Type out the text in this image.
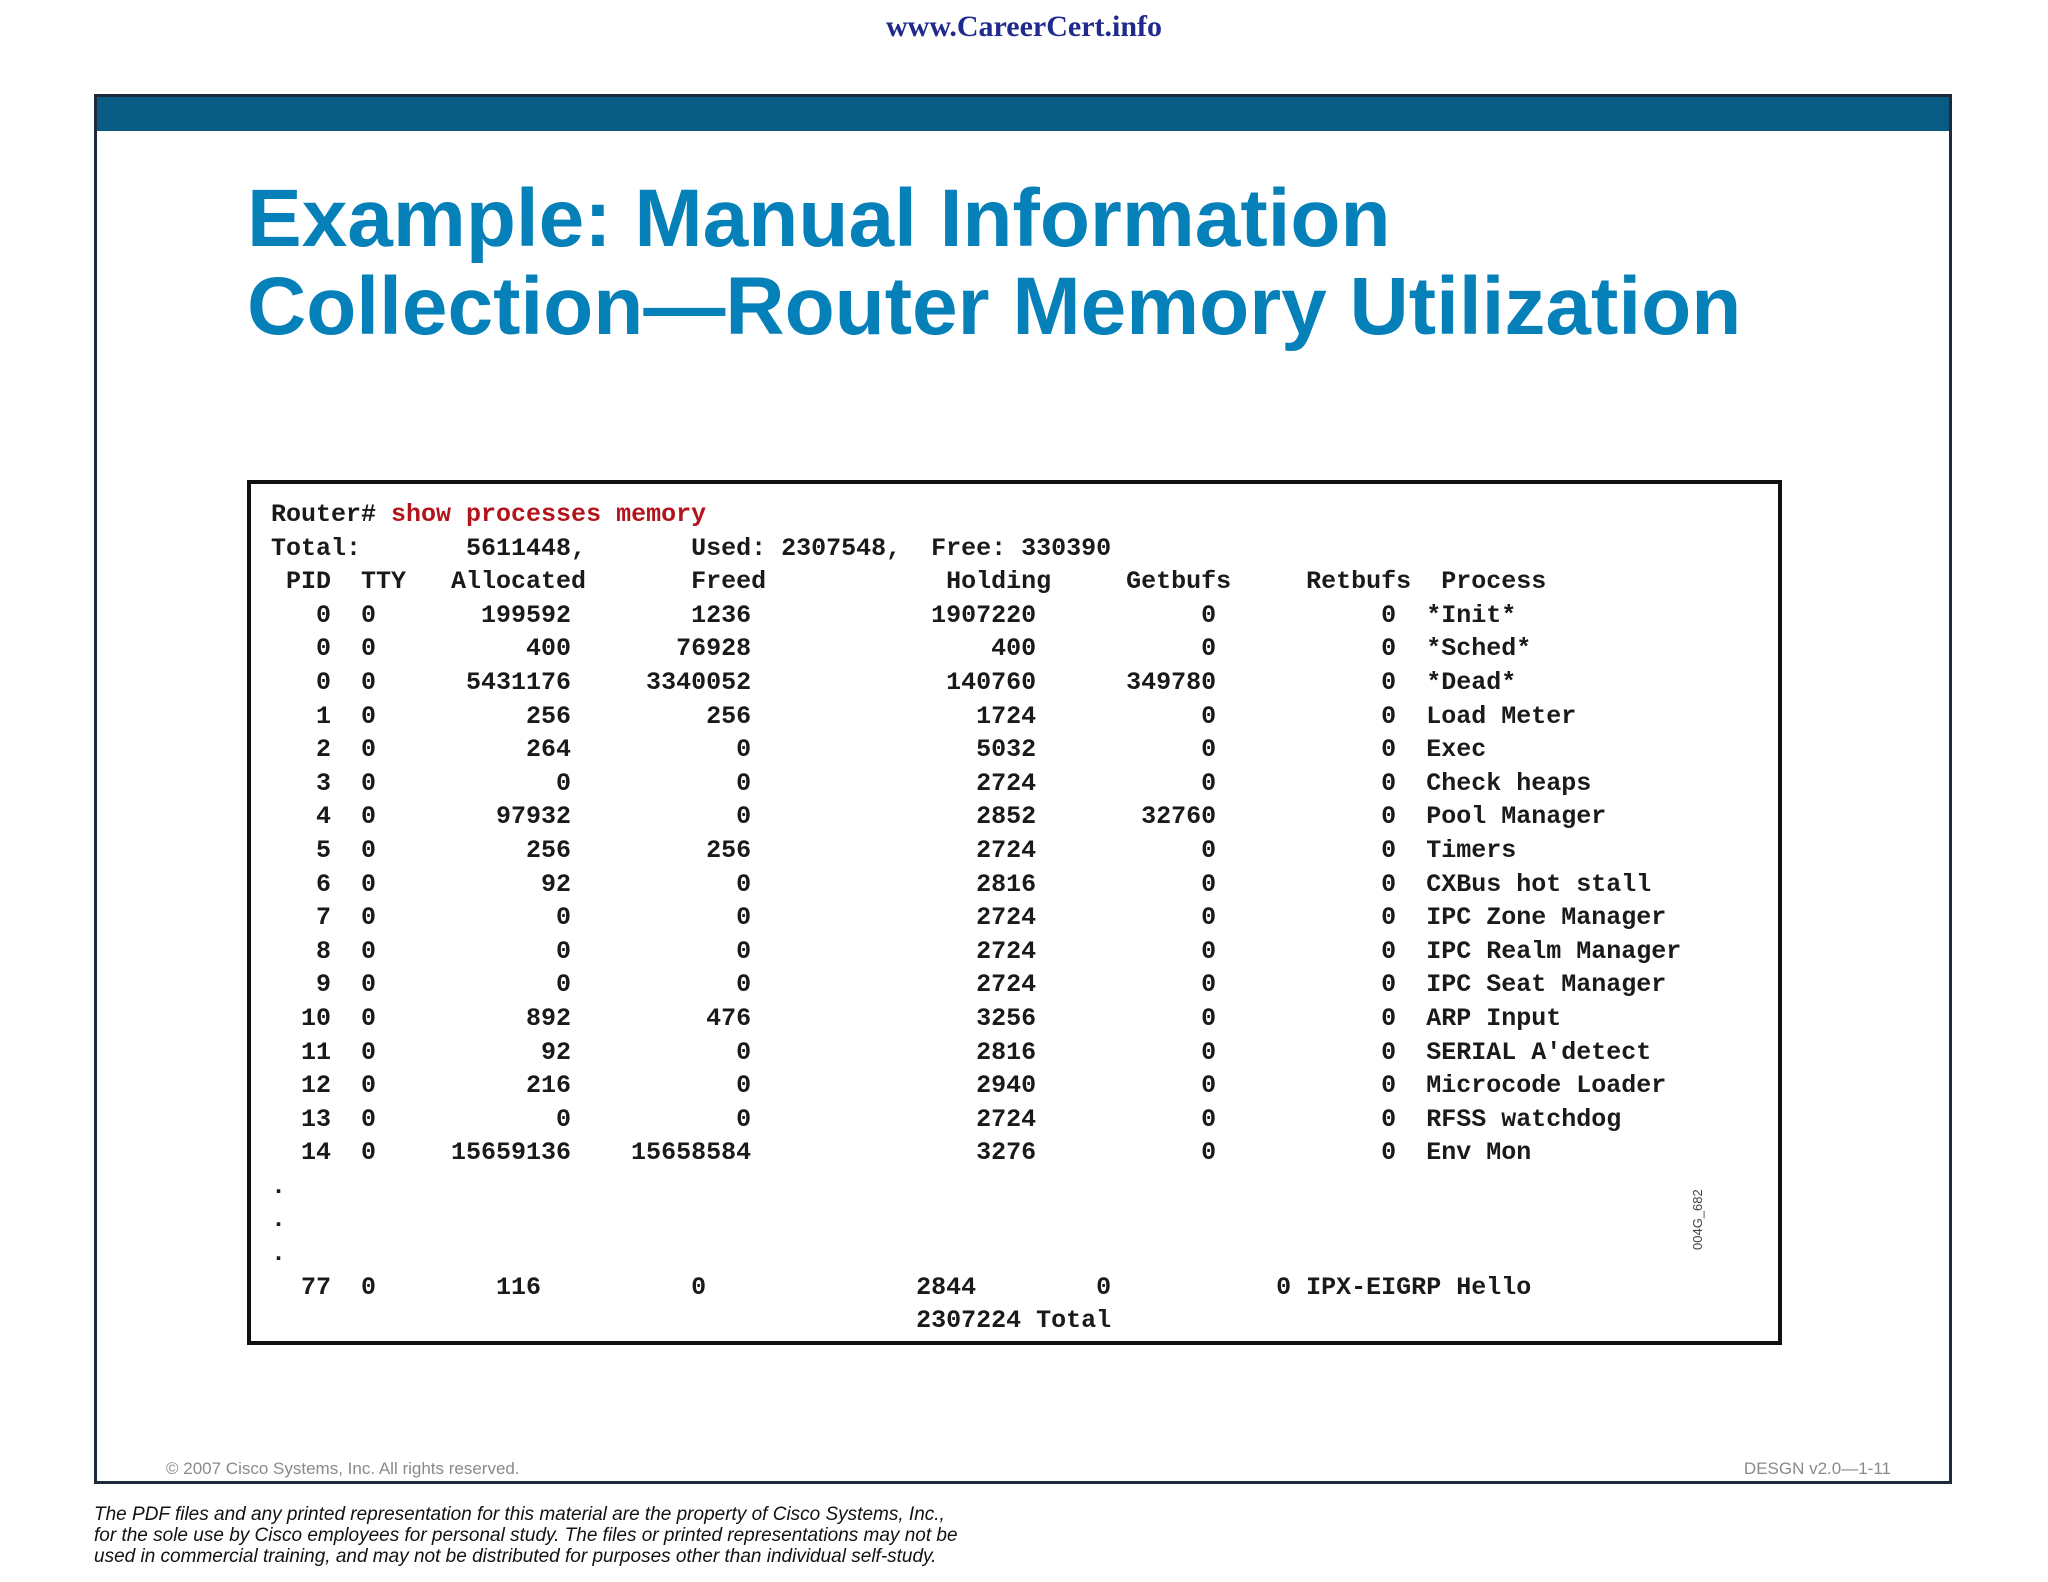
www.CareerCert.info
Example: Manual Information
Collection—Router Memory Utilization
Router# show processes memory
Total:       5611448,       Used: 2307548,  Free: 330390
PID  TTY   Allocated       Freed            Holding     Getbufs     Retbufs  Process
0  0       199592        1236            1907220           0           0  *Init*
0  0          400       76928                400           0           0  *Sched*
0  0      5431176     3340052             140760      349780           0  *Dead*
1  0          256         256               1724           0           0  Load Meter
2  0          264           0               5032           0           0  Exec
3  0            0           0               2724           0           0  Check heaps
4  0        97932           0               2852       32760           0  Pool Manager
5  0          256         256               2724           0           0  Timers
6  0           92           0               2816           0           0  CXBus hot stall
7  0            0           0               2724           0           0  IPC Zone Manager
8  0            0           0               2724           0           0  IPC Realm Manager
9  0            0           0               2724           0           0  IPC Seat Manager
10  0          892         476               3256           0           0  ARP Input
11  0           92           0               2816           0           0  SERIAL A'detect
12  0          216           0               2940           0           0  Microcode Loader
13  0            0           0               2724           0           0  RFSS watchdog
14  0     15659136    15658584               3276           0           0  Env Mon
.
.
.
77  0        116          0              2844        0           0 IPX-EIGRP Hello
2307224 Total
© 2007 Cisco Systems, Inc. All rights reserved.	DESGN v2.0—1-11
004G_682
The PDF files and any printed representation for this material are the property of Cisco Systems, Inc.,
for the sole use by Cisco employees for personal study. The files or printed representations may not be
used in commercial training, and may not be distributed for purposes other than individual self-study.
